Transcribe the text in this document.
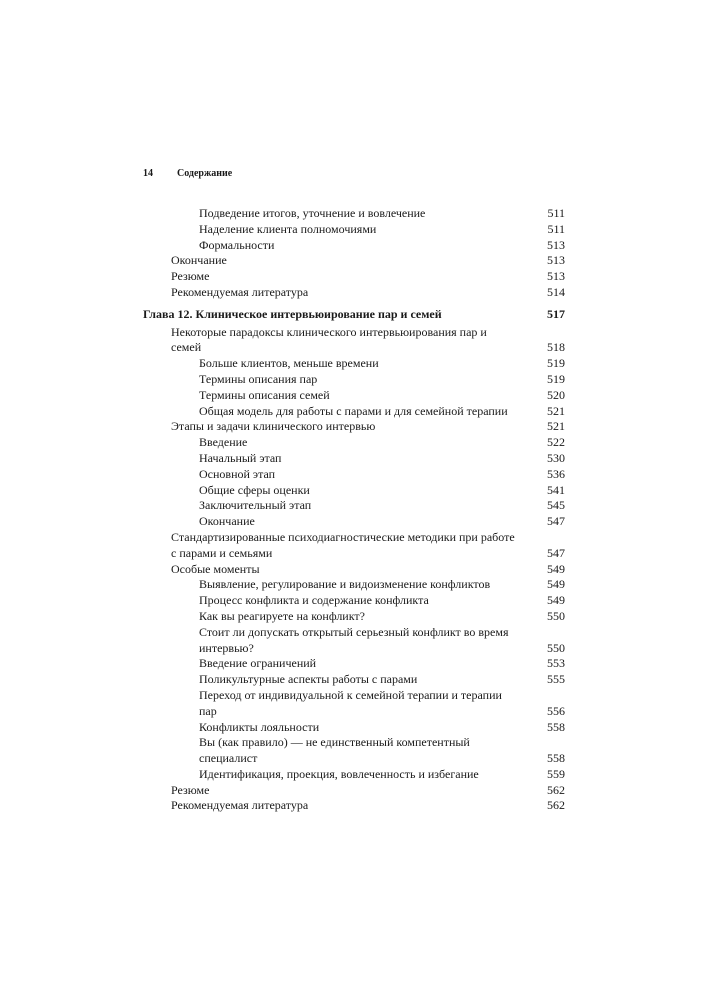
14 Содержание
Подведение итогов, уточнение и вовлечение	511
Наделение клиента полномочиями	511
Формальности	513
Окончание	513
Резюме	513
Рекомендуемая литература	514
Глава 12. Клиническое интервьюирование пар и семей	517
Некоторые парадоксы клинического интервьюирования пар и семей	518
Больше клиентов, меньше времени	519
Термины описания пар	519
Термины описания семей	520
Общая модель для работы с парами и для семейной терапии	521
Этапы и задачи клинического интервью	521
Введение	522
Начальный этап	530
Основной этап	536
Общие сферы оценки	541
Заключительный этап	545
Окончание	547
Стандартизированные психодиагностические методики при работе с парами и семьями	547
Особые моменты	549
Выявление, регулирование и видоизменение конфликтов	549
Процесс конфликта и содержание конфликта	549
Как вы реагируете на конфликт?	550
Стоит ли допускать открытый серьезный конфликт во время интервью?	550
Введение ограничений	553
Поликультурные аспекты работы с парами	555
Переход от индивидуальной к семейной терапии и терапии пар	556
Конфликты лояльности	558
Вы (как правило) — не единственный компетентный специалист	558
Идентификация, проекция, вовлеченность и избегание	559
Резюме	562
Рекомендуемая литература	562
